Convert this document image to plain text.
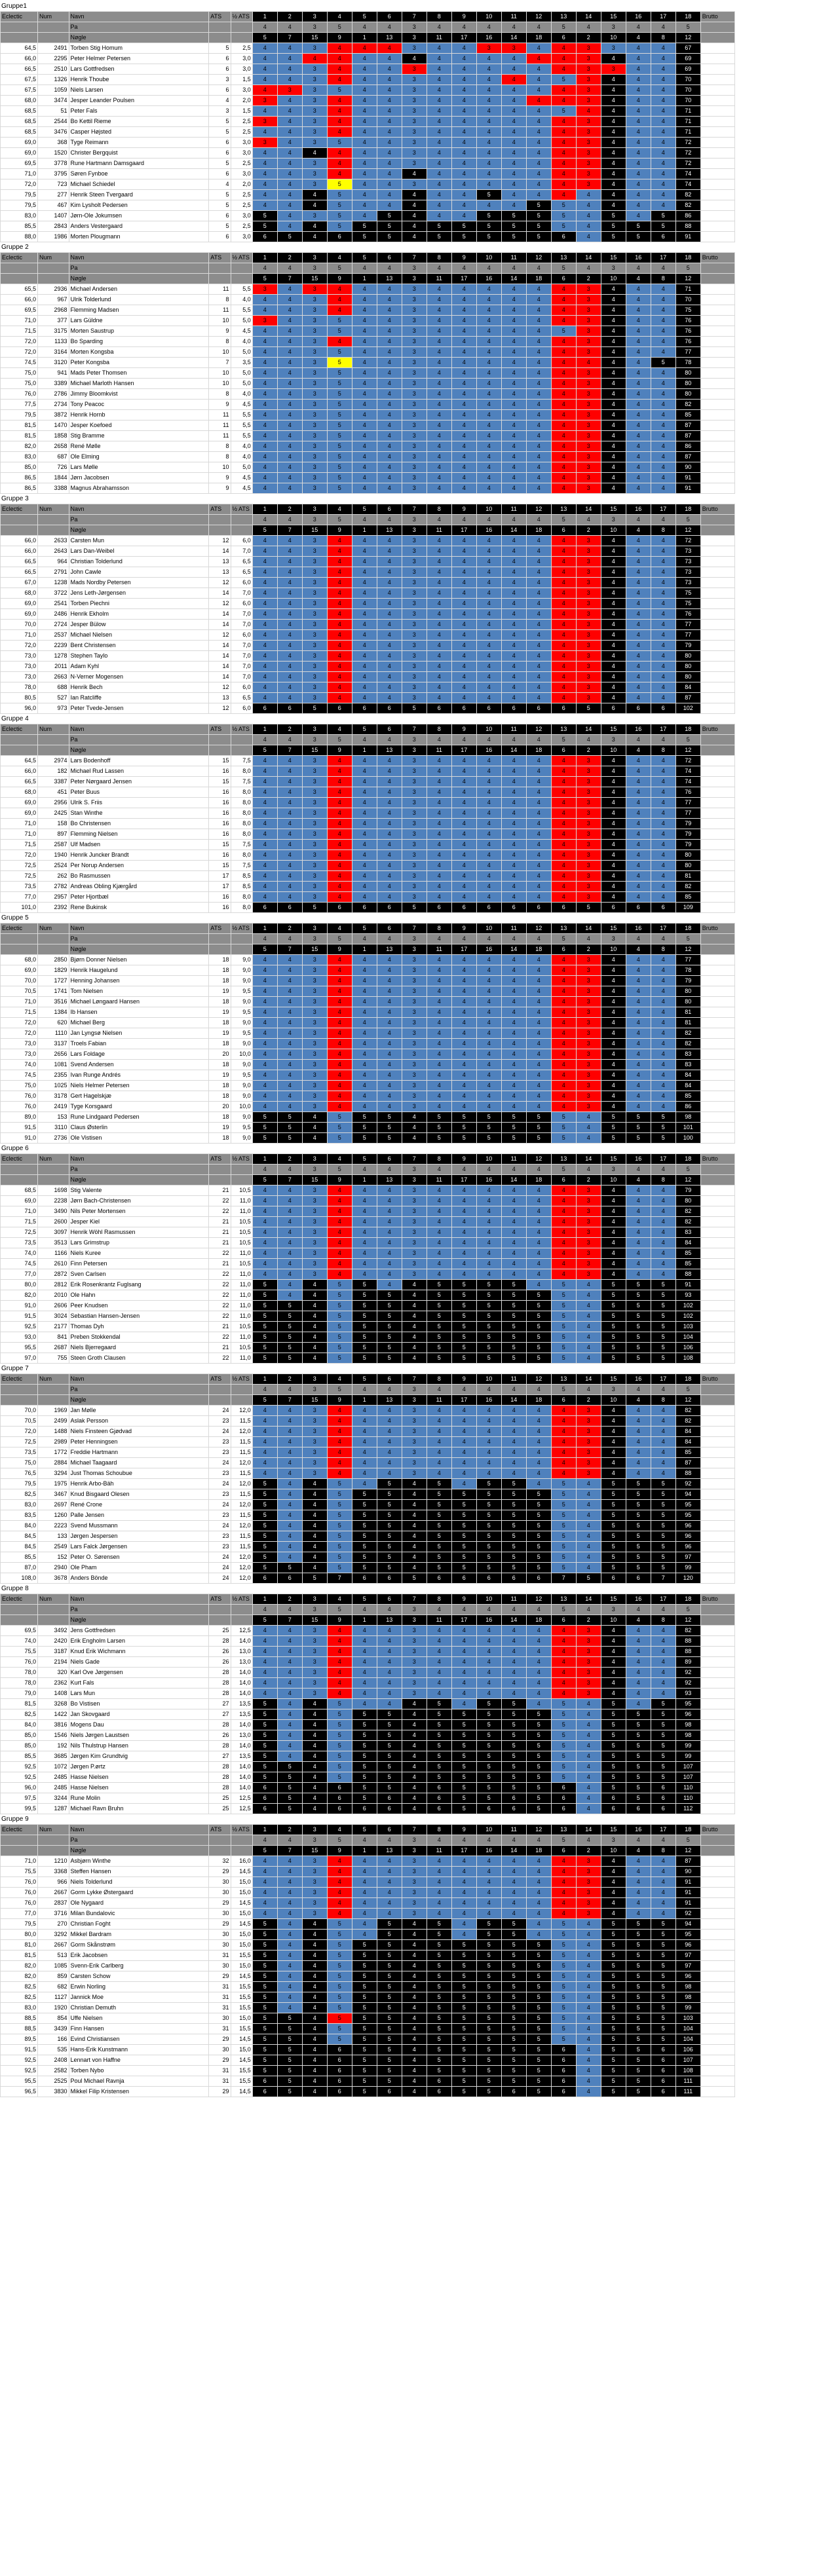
Gruppe1
Eclectic	Num	Navn	ATS	½ ATS	1	2	3	4	5	6	7	8	9	10	11	12	13	14	15	16	17	18	Brutto
		Pa			4	4	3	5	4	4	3	4	4	4	4	4	5	4	3	4	4	5	
		Nøgle			5	7	15	9	1	13	3	11	17	16	14	18	6	2	10	4	8	12	
64,5	2491	Torben Stig Homum	5	2,5	4	4	3	4	4	4	3	4	4	3	3	4	4	3	3	4	4	67	
66,0	2295	Peter Helmer Petersen	6	3,0	4	4	4	4	4	4	4	4	4	4	4	4	4	3	4	4	4	69	
66,5	2510	Lars Gottfredsen	6	3,0	4	4	3	4	4	4	3	4	4	4	4	4	4	3	3	4	4	69	
67,5	1326	Henrik Thoube	3	1,5	4	4	3	4	4	4	3	4	4	4	4	4	5	3	4	4	4	70	
67,5	1059	Niels Larsen	6	3,0	4	3	3	5	4	4	3	4	4	4	4	4	4	3	4	4	4	70	
68,0	3474	Jesper Leander Poulsen	4	2,0	3	4	3	4	4	4	3	4	4	4	4	4	4	3	4	4	4	70	
68,5	51	Peter Fals	3	1,5	4	4	3	4	4	4	3	4	4	4	4	4	5	4	4	4	4	71	
68,5	2544	Bo Kettil Rieme	5	2,5	3	4	3	4	4	4	3	4	4	4	4	4	4	3	4	4	4	71	
68,5	3476	Casper Højsted	5	2,5	4	4	3	4	4	4	3	4	4	4	4	4	4	3	4	4	4	71	
69,0	368	Tyge Reimann	6	3,0	3	4	3	5	4	4	3	4	4	4	4	4	4	3	4	4	4	72	
69,0	1520	Christer Bergquist	6	3,0	4	4	4	4	4	4	3	4	4	4	4	4	4	3	4	4	4	72	
69,5	3778	Rune Hartmann Damsgaard	5	2,5	4	4	3	4	4	4	3	4	4	4	4	4	4	3	4	4	4	72	
71,0	3795	Søren Fynboe	6	3,0	4	4	3	4	4	4	4	4	4	4	4	4	4	3	4	4	4	74	
72,0	723	Michael Schiedel	4	2,0	4	4	3	5	4	4	3	4	4	4	4	4	4	3	4	4	4	74	
79,5	277	Henrik Steen Tvergaard	5	2,5	4	4	4	5	4	4	4	4	4	5	4	4	4	4	4	4	4	82	
79,5	467	Kim Lysholt Pedersen	5	2,5	4	4	4	5	4	4	4	4	4	4	4	5	5	4	4	4	4	82	
83,0	1407	Jørn-Ole Jokumsen	6	3,0	5	4	3	5	4	5	4	4	4	5	5	5	5	4	5	4	5	86	
85,5	2843	Anders Vestergaard	5	2,5	5	4	4	5	5	5	4	5	5	5	5	5	5	4	5	5	5	88	
88,0	1986	Morten Plougmann	6	3,0	6	5	4	6	5	5	4	5	5	5	5	5	6	4	5	5	6	91	
Gruppe 2
Eclectic	Num	Navn	ATS	½ ATS	1	2	3	4	5	6	7	8	9	10	11	12	13	14	15	16	17	18	Brutto
		Pa			4	4	3	5	4	4	3	4	4	4	4	4	5	4	3	4	4	5	
		Nøgle			5	7	15	9	1	13	3	11	17	16	14	18	6	2	10	4	8	12	
65,5	2936	Michael Andersen	11	5,5	3	4	3	4	4	4	3	4	4	4	4	4	4	3	4	4	4	71	
66,0	967	Ulrik Tolderlund	8	4,0	4	4	3	4	4	4	3	4	4	4	4	4	4	3	4	4	4	70	
69,5	2968	Flemming Madsen	11	5,5	4	4	3	4	4	4	3	4	4	4	4	4	4	3	4	4	4	75	
71,0	377	Lars Güldne	10	5,0	3	4	3	5	4	4	3	4	4	4	4	4	4	3	4	4	4	76	
71,5	3175	Morten Saustrup	9	4,5	4	4	3	5	4	4	3	4	4	4	4	4	5	3	4	4	4	76	
72,0	1133	Bo Sparding	8	4,0	4	4	3	4	4	4	3	4	4	4	4	4	4	3	4	4	4	76	
72,0	3164	Morten Kongsba	10	5,0	4	4	3	5	4	4	3	4	4	4	4	4	4	3	4	4	4	77	
74,5	3120	Peter Kongsba	7	3,5	4	4	3	5	4	4	3	4	4	4	4	4	4	4	4	4	5	78	
75,0	941	Mads Peter Thomsen	10	5,0	4	4	3	5	4	4	3	4	4	4	4	4	4	3	4	4	4	80	
75,0	3389	Michael Marloth Hansen	10	5,0	4	4	3	5	4	4	3	4	4	4	4	4	4	3	4	4	4	80	
76,0	2786	Jimmy Bloomkvist	8	4,0	4	4	3	5	4	4	3	4	4	4	4	4	4	3	4	4	4	80	
77,5	2734	Tony Peacoc	9	4,5	4	4	3	5	4	4	3	4	4	4	4	4	4	3	4	4	4	82	
79,5	3872	Henrik Hornb	11	5,5	4	4	3	5	4	4	3	4	4	4	4	4	4	3	4	4	4	85	
81,5	1470	Jesper Koefoed	11	5,5	4	4	3	5	4	4	3	4	4	4	4	4	4	3	4	4	4	87	
81,5	1858	Stig Bramme	11	5,5	4	4	3	5	4	4	3	4	4	4	4	4	4	3	4	4	4	87	
82,0	2658	René Mølle	8	4,0	4	4	3	5	4	4	3	4	4	4	4	4	4	3	4	4	4	86	
83,0	687	Ole Elming	8	4,0	4	4	3	5	4	4	3	4	4	4	4	4	4	3	4	4	4	87	
85,0	726	Lars Mølle	10	5,0	4	4	3	5	4	4	3	4	4	4	4	4	4	3	4	4	4	90	
86,5	1844	Jørn Jacobsen	9	4,5	4	4	3	5	4	4	3	4	4	4	4	4	4	3	4	4	4	91	
86,5	3388	Magnus Abrahamsson	9	4,5	4	4	3	5	4	4	3	4	4	4	4	4	4	3	4	4	4	91	
Gruppe 3
Eclectic	Num	Navn	ATS	½ ATS	1	2	3	4	5	6	7	8	9	10	11	12	13	14	15	16	17	18	Brutto
		Pa			4	4	3	5	4	4	3	4	4	4	4	4	5	4	3	4	4	5	
		Nøgle			5	7	15	9	1	13	3	11	17	16	14	18	6	2	10	4	8	12	
66,0	2633	Carsten Mun	12	6,0	4	4	3	4	4	4	3	4	4	4	4	4	4	3	4	4	4	72	
66,0	2643	Lars Dan-Weibel	14	7,0	4	4	3	4	4	4	3	4	4	4	4	4	4	3	4	4	4	73	
66,5	964	Christian Tolderlund	13	6,5	4	4	3	4	4	4	3	4	4	4	4	4	4	3	4	4	4	73	
66,5	2791	John Cawle	13	6,5	4	4	3	4	4	4	3	4	4	4	4	4	4	3	4	4	4	73	
67,0	1238	Mads Nordby Petersen	12	6,0	4	4	3	4	4	4	3	4	4	4	4	4	4	3	4	4	4	73	
68,0	3722	Jens Leth-Jørgensen	14	7,0	4	4	3	4	4	4	3	4	4	4	4	4	4	3	4	4	4	75	
69,0	2541	Torben Piechni	12	6,0	4	4	3	4	4	4	3	4	4	4	4	4	4	3	4	4	4	75	
69,0	2486	Henrik Ekholm	14	7,0	4	4	3	4	4	4	3	4	4	4	4	4	4	3	4	4	4	76	
70,0	2724	Jesper Bülow	14	7,0	4	4	3	4	4	4	3	4	4	4	4	4	4	3	4	4	4	77	
71,0	2537	Michael Nielsen	12	6,0	4	4	3	4	4	4	3	4	4	4	4	4	4	3	4	4	4	77	
72,0	2239	Bent Christensen	14	7,0	4	4	3	4	4	4	3	4	4	4	4	4	4	3	4	4	4	79	
73,0	1278	Stephen Taylo	14	7,0	4	4	3	4	4	4	3	4	4	4	4	4	4	3	4	4	4	80	
73,0	2011	Adam Kyhl	14	7,0	4	4	3	4	4	4	3	4	4	4	4	4	4	3	4	4	4	80	
73,0	2663	N-Verner Mogensen	14	7,0	4	4	3	4	4	4	3	4	4	4	4	4	4	3	4	4	4	80	
78,0	688	Henrik Bech	12	6,0	4	4	3	4	4	4	3	4	4	4	4	4	4	3	4	4	4	84	
80,5	527	Ian Ratcliffe	13	6,5	4	4	3	4	4	4	3	4	4	4	4	4	4	3	4	4	4	87	
96,0	973	Peter Tvede-Jensen	12	6,0	6	6	5	6	6	6	5	6	6	6	6	6	6	5	6	6	6	102	
Gruppe 4
Eclectic	Num	Navn	ATS	½ ATS	1	2	3	4	5	6	7	8	9	10	11	12	13	14	15	16	17	18	Brutto
		Pa			4	4	3	5	4	4	3	4	4	4	4	4	5	4	3	4	4	5	
		Nøgle			5	7	15	9	1	13	3	11	17	16	14	18	6	2	10	4	8	12	
64,5	2974	Lars Bodenhoff	15	7,5	4	4	3	4	4	4	3	4	4	4	4	4	4	3	4	4	4	72	
66,0	182	Michael Rud Lassen	16	8,0	4	4	3	4	4	4	3	4	4	4	4	4	4	3	4	4	4	74	
66,5	3387	Peter Nørgaard Jensen	15	7,5	4	4	3	4	4	4	3	4	4	4	4	4	4	3	4	4	4	74	
68,0	451	Peter Buus	16	8,0	4	4	3	4	4	4	3	4	4	4	4	4	4	3	4	4	4	76	
69,0	2956	Ulrik S. Friis	16	8,0	4	4	3	4	4	4	3	4	4	4	4	4	4	3	4	4	4	77	
69,0	2425	Stan Winthe	16	8,0	4	4	3	4	4	4	3	4	4	4	4	4	4	3	4	4	4	77	
71,0	158	Bo Christensen	16	8,0	4	4	3	4	4	4	3	4	4	4	4	4	4	3	4	4	4	79	
71,0	897	Flemming Nielsen	16	8,0	4	4	3	4	4	4	3	4	4	4	4	4	4	3	4	4	4	79	
71,5	2587	Ulf Madsen	15	7,5	4	4	3	4	4	4	3	4	4	4	4	4	4	3	4	4	4	79	
72,0	1940	Henrik Juncker Brandt	16	8,0	4	4	3	4	4	4	3	4	4	4	4	4	4	3	4	4	4	80	
72,5	2524	Per Norup Andersen	15	7,5	4	4	3	4	4	4	3	4	4	4	4	4	4	3	4	4	4	80	
72,5	262	Bo Rasmussen	17	8,5	4	4	3	4	4	4	3	4	4	4	4	4	4	3	4	4	4	81	
73,5	2782	Andreas Obling Kjærgård	17	8,5	4	4	3	4	4	4	3	4	4	4	4	4	4	3	4	4	4	82	
77,0	2957	Peter Hjortbæl	16	8,0	4	4	3	4	4	4	3	4	4	4	4	4	4	3	4	4	4	85	
101,0	2392	Rene Bukinsk	16	8,0	6	6	5	6	6	6	5	6	6	6	6	6	6	5	6	6	6	109	
Gruppe 5
Eclectic	Num	Navn	ATS	½ ATS	1	2	3	4	5	6	7	8	9	10	11	12	13	14	15	16	17	18	Brutto
		Pa			4	4	3	5	4	4	3	4	4	4	4	4	5	4	3	4	4	5	
		Nøgle			5	7	15	9	1	13	3	11	17	16	14	18	6	2	10	4	8	12	
68,0	2850	Bjørn Donner Nielsen	18	9,0	4	4	3	4	4	4	3	4	4	4	4	4	4	3	4	4	4	77	
69,0	1829	Henrik Haugelund	18	9,0	4	4	3	4	4	4	3	4	4	4	4	4	4	3	4	4	4	78	
70,0	1727	Henning Johansen	18	9,0	4	4	3	4	4	4	3	4	4	4	4	4	4	3	4	4	4	79	
70,5	1741	Tom Nielsen	19	9,5	4	4	3	4	4	4	3	4	4	4	4	4	4	3	4	4	4	80	
71,0	3516	Michael Løngaard Hansen	18	9,0	4	4	3	4	4	4	3	4	4	4	4	4	4	3	4	4	4	80	
71,5	1384	Ib Hansen	19	9,5	4	4	3	4	4	4	3	4	4	4	4	4	4	3	4	4	4	81	
72,0	620	Michael Berg	18	9,0	4	4	3	4	4	4	3	4	4	4	4	4	4	3	4	4	4	81	
72,0	1110	Jan Lyngsø Nielsen	19	9,5	4	4	3	4	4	4	3	4	4	4	4	4	4	3	4	4	4	82	
73,0	3137	Troels Fabian	18	9,0	4	4	3	4	4	4	3	4	4	4	4	4	4	3	4	4	4	82	
73,0	2656	Lars Foldage	20	10,0	4	4	3	4	4	4	3	4	4	4	4	4	4	3	4	4	4	83	
74,0	1081	Svend Andersen	18	9,0	4	4	3	4	4	4	3	4	4	4	4	4	4	3	4	4	4	83	
74,5	2355	Ivan Runge Andrés	19	9,5	4	4	3	4	4	4	3	4	4	4	4	4	4	3	4	4	4	84	
75,0	1025	Niels Helmer Petersen	18	9,0	4	4	3	4	4	4	3	4	4	4	4	4	4	3	4	4	4	84	
76,0	3178	Gert Hagelskjæ	18	9,0	4	4	3	4	4	4	3	4	4	4	4	4	4	3	4	4	4	85	
76,0	2419	Tyge Korsgaard	20	10,0	4	4	3	4	4	4	3	4	4	4	4	4	4	3	4	4	4	86	
89,0	153	Rune Lindgaard Pedersen	18	9,0	5	5	4	5	5	5	4	5	5	5	5	5	5	4	5	5	5	98	
91,5	3110	Claus Østerlin	19	9,5	5	5	4	5	5	5	4	5	5	5	5	5	5	4	5	5	5	101	
91,0	2736	Ole Vistisen	18	9,0	5	5	4	5	5	5	4	5	5	5	5	5	5	4	5	5	5	100	
Gruppe 6
Eclectic	Num	Navn	ATS	½ ATS	1	2	3	4	5	6	7	8	9	10	11	12	13	14	15	16	17	18	Brutto
		Pa			4	4	3	5	4	4	3	4	4	4	4	4	5	4	3	4	4	5	
		Nøgle			5	7	15	9	1	13	3	11	17	16	14	18	6	2	10	4	8	12	
68,5	1698	Stig Valente	21	10,5	4	4	3	4	4	4	3	4	4	4	4	4	4	3	4	4	4	79	
69,0	2238	Jørn Bach-Christensen	22	11,0	4	4	3	4	4	4	3	4	4	4	4	4	4	3	4	4	4	80	
71,0	3490	Nils Peter Mortensen	22	11,0	4	4	3	4	4	4	3	4	4	4	4	4	4	3	4	4	4	82	
71,5	2600	Jesper Kiel	21	10,5	4	4	3	4	4	4	3	4	4	4	4	4	4	3	4	4	4	82	
72,5	3097	Henrik Wöhl Rasmussen	21	10,5	4	4	3	4	4	4	3	4	4	4	4	4	4	3	4	4	4	83	
73,5	3513	Lars Grimstrup	21	10,5	4	4	3	4	4	4	3	4	4	4	4	4	4	3	4	4	4	84	
74,0	1166	Niels Kuree	22	11,0	4	4	3	4	4	4	3	4	4	4	4	4	4	3	4	4	4	85	
74,5	2610	Finn Petersen	21	10,5	4	4	3	4	4	4	3	4	4	4	4	4	4	3	4	4	4	85	
77,0	2872	Sven Carlsen	22	11,0	4	4	3	4	4	4	3	4	4	4	4	4	4	3	4	4	4	88	
80,0	2812	Erik Rosenkrantz Fuglsang	22	11,0	5	4	4	5	5	4	4	5	5	5	5	4	5	4	5	5	5	91	
82,0	2010	Ole Hahn	22	11,0	5	4	4	5	5	5	4	5	5	5	5	5	5	4	5	5	5	93	
91,0	2606	Peer Knudsen	22	11,0	5	5	4	5	5	5	4	5	5	5	5	5	5	4	5	5	5	102	
91,5	3024	Sebastian Hansen-Jensen	22	11,0	5	5	4	5	5	5	4	5	5	5	5	5	5	4	5	5	5	102	
92,5	2177	Thomas Dyh	21	10,5	5	5	4	5	5	5	4	5	5	5	5	5	5	4	5	5	5	103	
93,0	841	Preben Stokkendal	22	11,0	5	5	4	5	5	5	4	5	5	5	5	5	5	4	5	5	5	104	
95,5	2687	Niels Bjerregaard	21	10,5	5	5	4	5	5	5	4	5	5	5	5	5	5	4	5	5	5	106	
97,0	755	Steen Groth Clausen	22	11,0	5	5	4	5	5	5	4	5	5	5	5	5	5	4	5	5	5	108	
Gruppe 7
Eclectic	Num	Navn	ATS	½ ATS	1	2	3	4	5	6	7	8	9	10	11	12	13	14	15	16	17	18	Brutto
		Pa			4	4	3	5	4	4	3	4	4	4	4	4	5	4	3	4	4	5	
		Nøgle			5	7	15	9	1	13	3	11	17	16	14	18	6	2	10	4	8	12	
70,0	1969	Jan Mølle	24	12,0	4	4	3	4	4	4	3	4	4	4	4	4	4	3	4	4	4	82	
70,5	2499	Aslak Persson	23	11,5	4	4	3	4	4	4	3	4	4	4	4	4	4	3	4	4	4	82	
72,0	1488	Niels Finsteen Gjødvad	24	12,0	4	4	3	4	4	4	3	4	4	4	4	4	4	3	4	4	4	84	
72,5	2989	Peter Henningsen	23	11,5	4	4	3	4	4	4	3	4	4	4	4	4	4	3	4	4	4	84	
73,5	1772	Freddie Hartmann	23	11,5	4	4	3	4	4	4	3	4	4	4	4	4	4	3	4	4	4	85	
75,0	2884	Michael Taagaard	24	12,0	4	4	3	4	4	4	3	4	4	4	4	4	4	3	4	4	4	87	
76,5	3294	Just Thomas Schoubue	23	11,5	4	4	3	4	4	4	3	4	4	4	4	4	4	3	4	4	4	88	
79,5	1975	Henrik Arbo-Bäh	24	12,0	5	4	4	5	4	5	4	5	4	5	5	4	5	4	5	5	5	92	
82,5	3467	Knud Bisgaard Olesen	23	11,5	5	4	4	5	5	5	4	5	5	5	5	5	5	4	5	5	5	94	
83,0	2697	René Crone	24	12,0	5	4	4	5	5	5	4	5	5	5	5	5	5	4	5	5	5	95	
83,5	1260	Palle Jensen	23	11,5	5	4	4	5	5	5	4	5	5	5	5	5	5	4	5	5	5	95	
84,0	2223	Svend Mussmann	24	12,0	5	4	4	5	5	5	4	5	5	5	5	5	5	4	5	5	5	96	
84,5	133	Jørgen Jespersen	23	11,5	5	4	4	5	5	5	4	5	5	5	5	5	5	4	5	5	5	96	
84,5	2549	Lars Falck Jørgensen	23	11,5	5	4	4	5	5	5	4	5	5	5	5	5	5	4	5	5	5	96	
85,5	152	Peter O. Sørensen	24	12,0	5	4	4	5	5	5	4	5	5	5	5	5	5	4	5	5	5	97	
87,0	2940	Ole Pham	24	12,0	5	5	4	5	5	5	4	5	5	5	5	5	5	4	5	5	5	99	
108,0	3678	Anders Bönde	24	12,0	6	6	5	7	6	6	5	6	6	6	6	6	7	5	6	6	7	120	
Gruppe 8
Eclectic	Num	Navn	ATS	½ ATS	1	2	3	4	5	6	7	8	9	10	11	12	13	14	15	16	17	18	Brutto
		Pa			4	4	3	5	4	4	3	4	4	4	4	4	5	4	3	4	4	5	
		Nøgle			5	7	15	9	1	13	3	11	17	16	14	18	6	2	10	4	8	12	
69,5	3492	Jens Gottfredsen	25	12,5	4	4	3	4	4	4	3	4	4	4	4	4	4	3	4	4	4	82	
74,0	2420	Erik Engholm Larsen	28	14,0	4	4	3	4	4	4	3	4	4	4	4	4	4	3	4	4	4	88	
75,5	3187	Knud Erik Wichmann	26	13,0	4	4	3	4	4	4	3	4	4	4	4	4	4	3	4	4	4	88	
76,0	2194	Niels Gade	26	13,0	4	4	3	4	4	4	3	4	4	4	4	4	4	3	4	4	4	89	
78,0	320	Karl Ove Jørgensen	28	14,0	4	4	3	4	4	4	3	4	4	4	4	4	4	3	4	4	4	92	
78,0	2362	Kurt Fals	28	14,0	4	4	3	4	4	4	3	4	4	4	4	4	4	3	4	4	4	92	
79,0	1408	Lars Mun	28	14,0	4	4	3	4	4	4	3	4	4	4	4	4	4	3	4	4	4	93	
81,5	3268	Bo Vistisen	27	13,5	5	4	4	5	4	4	4	5	4	5	5	4	5	4	5	4	5	95	
82,5	1422	Jan Skovgaard	27	13,5	5	4	4	5	5	5	4	5	5	5	5	5	5	4	5	5	5	96	
84,0	3816	Mogens Dau	28	14,0	5	4	4	5	5	5	4	5	5	5	5	5	5	4	5	5	5	98	
85,0	1546	Niels Jørgen Laustsen	26	13,0	5	4	4	5	5	5	4	5	5	5	5	5	5	4	5	5	5	98	
85,0	192	Nils Thulstrup Hansen	28	14,0	5	4	4	5	5	5	4	5	5	5	5	5	5	4	5	5	5	99	
85,5	3685	Jørgen Kim Grundtvig	27	13,5	5	4	4	5	5	5	4	5	5	5	5	5	5	4	5	5	5	99	
92,5	1072	Jørgen P.ørtz	28	14,0	5	5	4	5	5	5	4	5	5	5	5	5	5	4	5	5	5	107	
92,5	2485	Hasse Nielsen	28	14,0	5	5	4	5	5	5	4	5	5	5	5	5	5	4	5	5	5	107	
96,0	2485	Hasse Nielsen	28	14,0	6	5	4	6	5	5	4	6	5	5	5	5	6	4	5	5	6	110	
97,5	3244	Rune Molin	25	12,5	6	5	4	6	5	6	4	6	5	5	6	5	6	4	6	5	6	110	
99,5	1287	Michael Ravn Bruhn	25	12,5	6	5	4	6	6	6	4	6	5	6	6	5	6	4	6	6	6	112	
Gruppe 9
Eclectic	Num	Navn	ATS	½ ATS	1	2	3	4	5	6	7	8	9	10	11	12	13	14	15	16	17	18	Brutto
		Pa			4	4	3	5	4	4	3	4	4	4	4	4	5	4	3	4	4	5	
		Nøgle			5	7	15	9	1	13	3	11	17	16	14	18	6	2	10	4	8	12	
71,0	1210	Asbjørn Winthe	32	16,0	4	4	3	4	4	4	3	4	4	4	4	4	4	3	4	4	4	87	
75,5	3368	Steffen Hansen	29	14,5	4	4	3	4	4	4	3	4	4	4	4	4	4	3	4	4	4	90	
76,0	966	Niels Tolderlund	30	15,0	4	4	3	4	4	4	3	4	4	4	4	4	4	3	4	4	4	91	
76,0	2667	Gorm Lykke Østergaard	30	15,0	4	4	3	4	4	4	3	4	4	4	4	4	4	3	4	4	4	91	
76,0	2837	Ole Nygaard	29	14,5	4	4	3	4	4	4	3	4	4	4	4	4	4	3	4	4	4	91	
77,0	3716	Milan Bundalovic	30	15,0	4	4	3	4	4	4	3	4	4	4	4	4	4	3	4	4	4	92	
79,5	270	Christian Foght	29	14,5	5	4	4	5	4	5	4	5	4	5	5	4	5	4	5	5	5	94	
80,0	3292	Mikkel Bardram	30	15,0	5	4	4	5	4	5	4	5	4	5	5	4	5	4	5	5	5	95	
81,0	2667	Gorm Skånstrøm	30	15,0	5	4	4	5	5	5	4	5	5	5	5	5	5	4	5	5	5	96	
81,5	513	Erik Jacobsen	31	15,5	5	4	4	5	5	5	4	5	5	5	5	5	5	4	5	5	5	97	
82,0	1085	Svenn-Erik Carlberg	30	15,0	5	4	4	5	5	5	4	5	5	5	5	5	5	4	5	5	5	97	
82,0	859	Carsten Schow	29	14,5	5	4	4	5	5	5	4	5	5	5	5	5	5	4	5	5	5	96	
82,5	682	Erwin Norling	31	15,5	5	4	4	5	5	5	4	5	5	5	5	5	5	4	5	5	5	98	
82,5	1127	Jannick Moe	31	15,5	5	4	4	5	5	5	4	5	5	5	5	5	5	4	5	5	5	98	
83,0	1920	Christian Demuth	31	15,5	5	4	4	5	5	5	4	5	5	5	5	5	5	4	5	5	5	99	
88,5	854	Uffe Nielsen	30	15,0	5	5	4	5	5	5	4	5	5	5	5	5	5	4	5	5	5	103	
88,5	3439	Finn Hansen	31	15,5	5	5	4	5	5	5	4	5	5	5	5	5	5	4	5	5	5	104	
89,5	166	Evind Christiansen	29	14,5	5	5	4	5	5	5	4	5	5	5	5	5	5	4	5	5	5	104	
91,5	535	Hans-Erik Kunstmann	30	15,0	5	5	4	6	5	5	4	5	5	5	5	5	6	4	5	5	6	106	
92,5	2408	Lennart von Haffne	29	14,5	5	5	4	6	5	5	4	5	5	5	5	5	6	4	5	5	6	107	
92,5	2582	Torben Nybo	31	15,5	5	5	4	6	5	5	4	5	5	5	5	5	6	4	5	5	6	108	
95,5	2525	Poul Michael Ravnja	31	15,5	6	5	4	6	5	5	4	6	5	5	5	5	6	4	5	5	6	111	
96,5	3830	Mikkel Filip Kristensen	29	14,5	6	5	4	6	5	6	4	6	5	5	6	5	6	4	5	5	6	111	
